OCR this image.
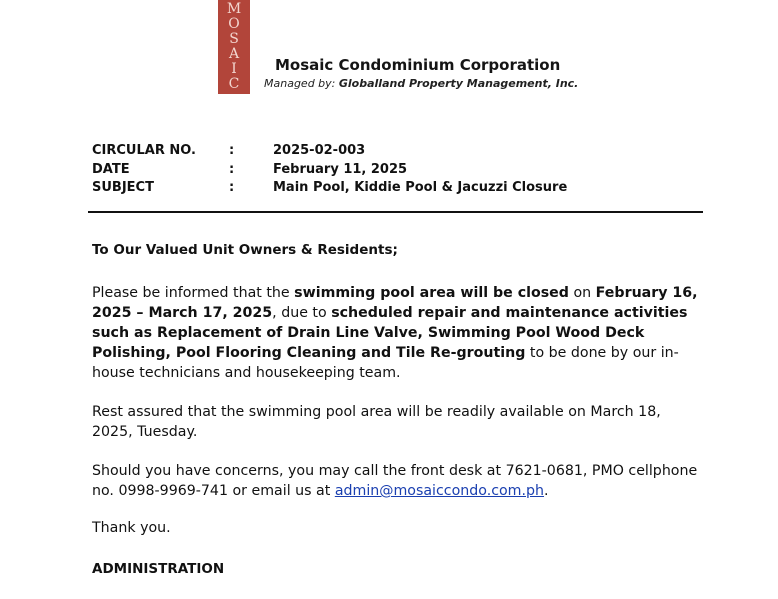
M
O
S
A
I
C
Mosaic Condominium Corporation
Managed by: Globalland Property Management, Inc.
CIRCULAR NO.	:	2025-02-003
DATE	:	February 11, 2025
SUBJECT	:	Main Pool, Kiddie Pool & Jacuzzi Closure
To Our Valued Unit Owners & Residents;
Please be informed that the swimming pool area will be closed on February 16, 2025 – March 17, 2025, due to scheduled repair and maintenance activities such as Replacement of Drain Line Valve, Swimming Pool Wood Deck Polishing, Pool Flooring Cleaning and Tile Re-grouting to be done by our in-house technicians and housekeeping team.
Rest assured that the swimming pool area will be readily available on March 18, 2025, Tuesday.
Should you have concerns, you may call the front desk at 7621-0681, PMO cellphone no. 0998-9969-741 or email us at admin@mosaiccondo.com.ph.
Thank you.
ADMINISTRATION
